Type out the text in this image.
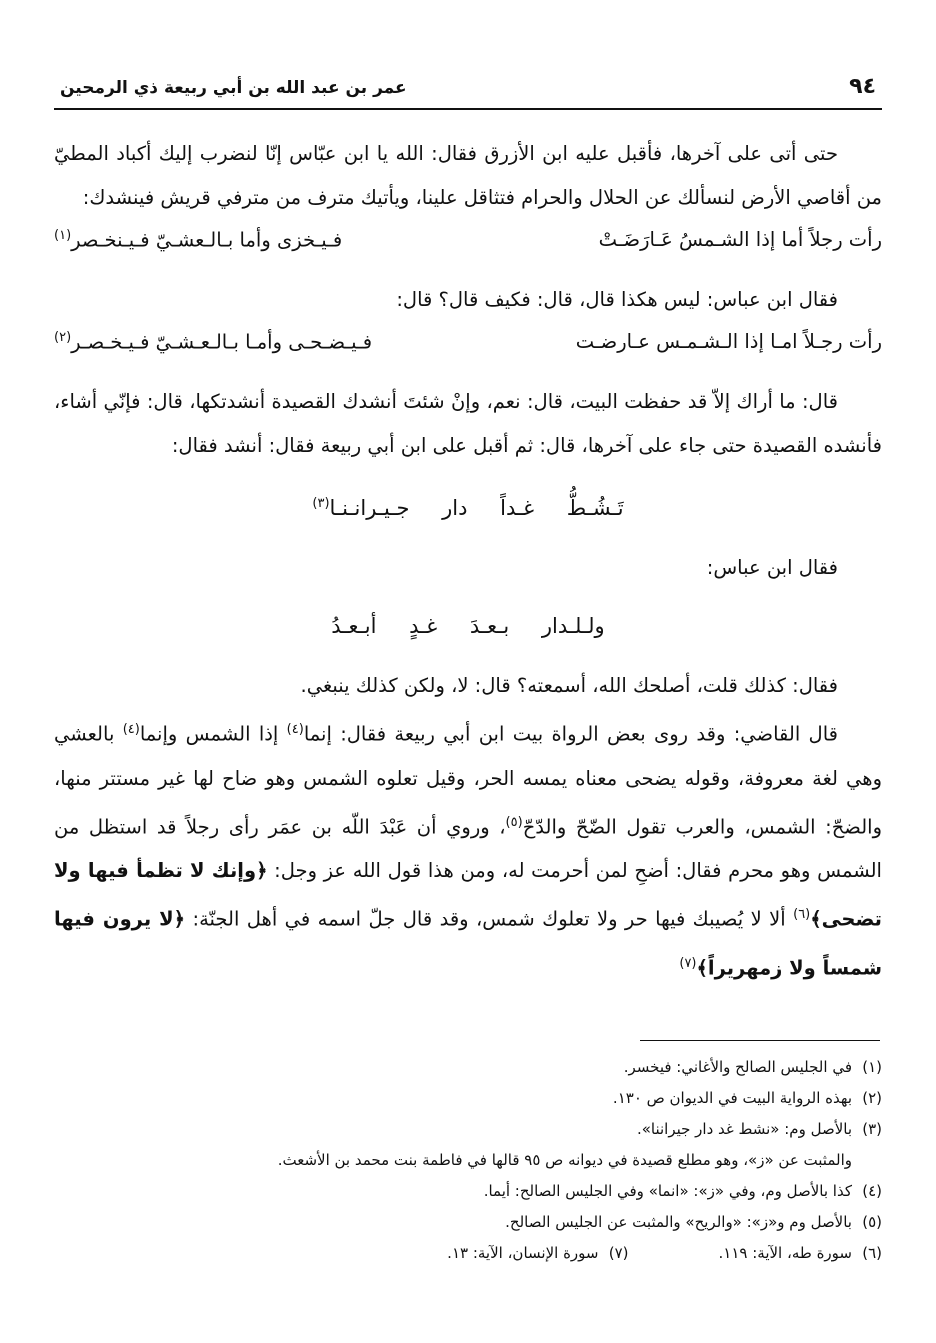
٩٤
عمر بن عبد الله بن أبي ربيعة ذي الرمحين

حتى أتى على آخرها، فأقبل عليه ابن الأزرق فقال: الله يا ابن عبّاس إنّا لنضرب إليك أكباد المطيّ من أقاصي الأرض لنسألك عن الحلال والحرام فتثاقل علينا، ويأتيك مترف من مترفي قريش فينشدك:

رأت رجلاً أما إذا الشـمسُ عَـارَضَـتْ
فـيـخزى وأما بـالـعشـيّ فـيـنخـصر$^{(١)}$

فقال ابن عباس: ليس هكذا قال، قال: فكيف قال؟ قال:

رأت رجـلاً امـا إذا الـشـمـس عـارضـت
فـيـضـحـى وأمـا بـالـعـشـيّ فـيـخـصـر$^{(٢)}$

قال: ما أراك إلاّ قد حفظت البيت، قال: نعم، وإنْ شئتَ أنشدك القصيدة أنشدتكها، قال: فإنّي أشاء، فأنشده القصيدة حتى جاء على آخرها، قال: ثم أقبل على ابن أبي ربيعة فقال: أنشد فقال:

تَـشُـطُّ غـداً دار جـيـرانـنـا$^{(٣)}$

فقال ابن عباس:

ولـلـدار بـعـدَ غـدٍ أبـعـدُ

فقال: كذلك قلت، أصلحك الله، أسمعته؟ قال: لا، ولكن كذلك ينبغي.

قال القاضي: وقد روى بعض الرواة بيت ابن أبي ربيعة فقال: إنما$^{(٤)}$ إذا الشمس وإنما$^{(٤)}$ بالعشي وهي لغة معروفة، وقوله يضحى معناه يمسه الحر، وقيل تعلوه الشمس وهو ضاح لها غير مستتر منها، والضحّ: الشمس، والعرب تقول الضّحّ والدّحّ$^{(٥)}$، وروي أن عَبْدَ اللّه بن عمَر رأى رجلاً قد استظل من الشمس وهو محرم فقال: أضحِ لمن أحرمت له، ومن هذا قول الله عز وجل: ﴿وإنك لا تظمأ فيها ولا تضحى﴾$^{(٦)}$ ألا لا يُصيبك فيها حر ولا تعلوك شمس، وقد قال جلّ اسمه في أهل الجنّة: ﴿لا يرون فيها شمساً ولا زمهريراً﴾$^{(٧)}$

(١)في الجليس الصالح والأغاني: فيخسر.
(٢)بهذه الرواية البيت في الديوان ص ١٣٠.
(٣)بالأصل وم: «نشط غد دار جيراننا».
والمثبت عن «ز»، وهو مطلع قصيدة في ديوانه ص ٩٥ قالها في فاطمة بنت محمد بن الأشعث.
(٤)كذا بالأصل وم، وفي «ز»: «انما» وفي الجليس الصالح: أيما.
(٥)بالأصل وم و«ز»: «والريح» والمثبت عن الجليس الصالح.
(٦)سورة طه، الآية: ١١٩.(٧)سورة الإنسان، الآية: ١٣.
